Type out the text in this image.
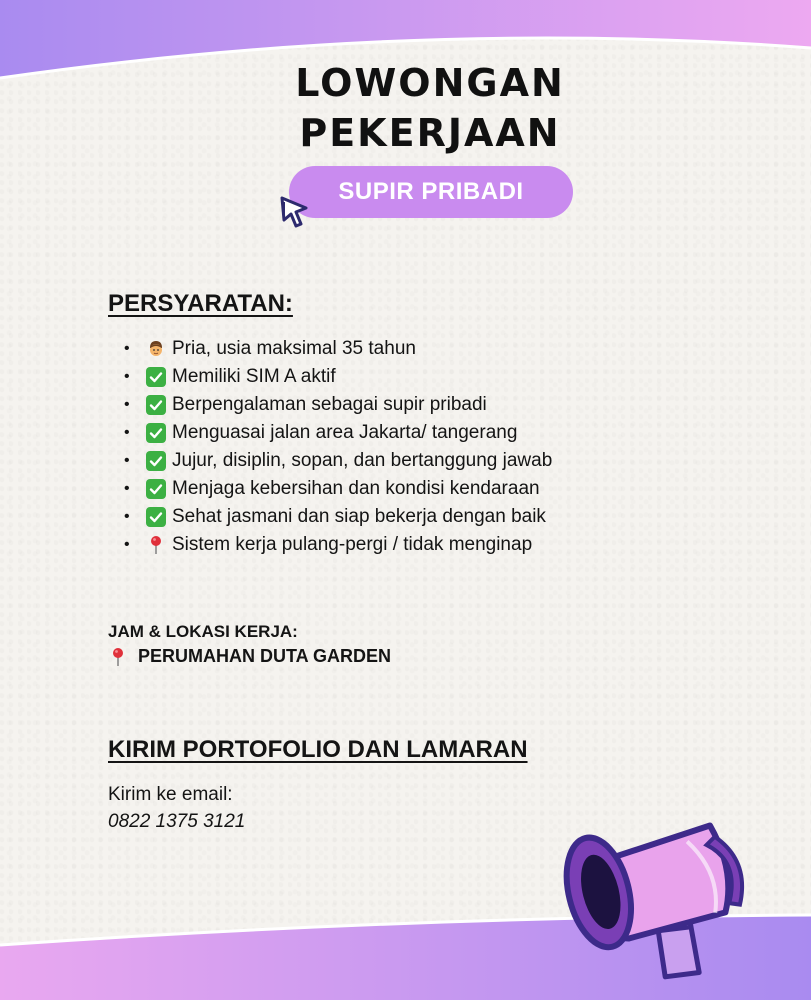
LOWONGAN
PEKERJAAN
SUPIR PRIBADI
PERSYARATAN:
•	Pria, usia maksimal 35 tahun
•	Memiliki SIM A aktif
•	Berpengalaman sebagai supir pribadi
•	Menguasai jalan area Jakarta/ tangerang
•	Jujur, disiplin, sopan, dan bertanggung jawab
•	Menjaga kebersihan dan kondisi kendaraan
•	Sehat jasmani dan siap bekerja dengan baik
•	Sistem kerja pulang-pergi / tidak menginap
JAM & LOKASI KERJA:
PERUMAHAN DUTA GARDEN
KIRIM PORTOFOLIO DAN LAMARAN
Kirim ke email:
0822 1375 3121
